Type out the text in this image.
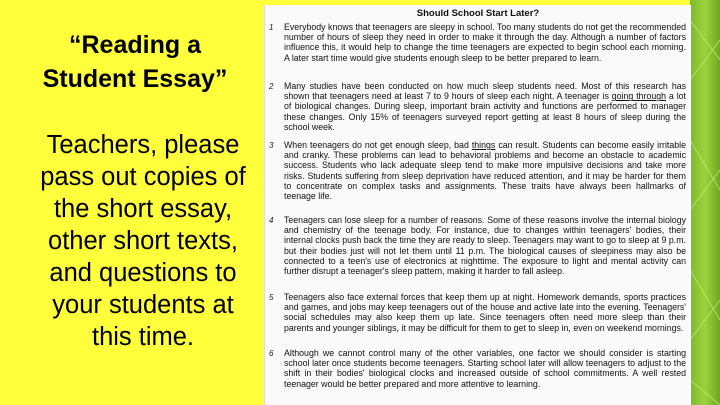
“Reading a
Student Essay”
Teachers, please
pass out copies of
the short essay,
other short texts,
and questions to
your students at
this time.
Should School Start Later?
1 Everybody knows that teenagers are sleepy in school. Too many students do not get the recommended number of hours of sleep they need in order to make it through the day. Although a number of factors influence this, it would help to change the time teenagers are expected to begin school each morning. A later start time would give students enough sleep to be better prepared to learn.
2 Many studies have been conducted on how much sleep students need. Most of this research has shown that teenagers need at least 7 to 9 hours of sleep each night. A teenager is going through a lot of biological changes. During sleep, important brain activity and functions are performed to manager these changes. Only 15% of teenagers surveyed report getting at least 8 hours of sleep during the school week.
3 When teenagers do not get enough sleep, bad things can result. Students can become easily irritable and cranky. These problems can lead to behavioral problems and become an obstacle to academic success. Students who lack adequate sleep tend to make more impulsive decisions and take more risks. Students suffering from sleep deprivation have reduced attention, and it may be harder for them to concentrate on complex tasks and assignments. These traits have always been hallmarks of teenage life.
4 Teenagers can lose sleep for a number of reasons. Some of these reasons involve the internal biology and chemistry of the teenage body. For instance, due to changes within teenagers' bodies, their internal clocks push back the time they are ready to sleep. Teenagers may want to go to sleep at 9 p.m. but their bodies just will not let them until 11 p.m. The biological causes of sleepiness may also be connected to a teen's use of electronics at nighttime. The exposure to light and mental activity can further disrupt a teenager's sleep pattern, making it harder to fall asleep.
5 Teenagers also face external forces that keep them up at night. Homework demands, sports practices and games, and jobs may keep teenagers out of the house and active late into the evening. Teenagers' social schedules may also keep them up late. Since teenagers often need more sleep than their parents and younger siblings, it may be difficult for them to get to sleep in, even on weekend mornings.
6 Although we cannot control many of the other variables, one factor we should consider is starting school later once students become teenagers. Starting school later will allow teenagers to adjust to the shift in their bodies' biological clocks and increased outside of school commitments. A well rested teenager would be better prepared and more attentive to learning.
